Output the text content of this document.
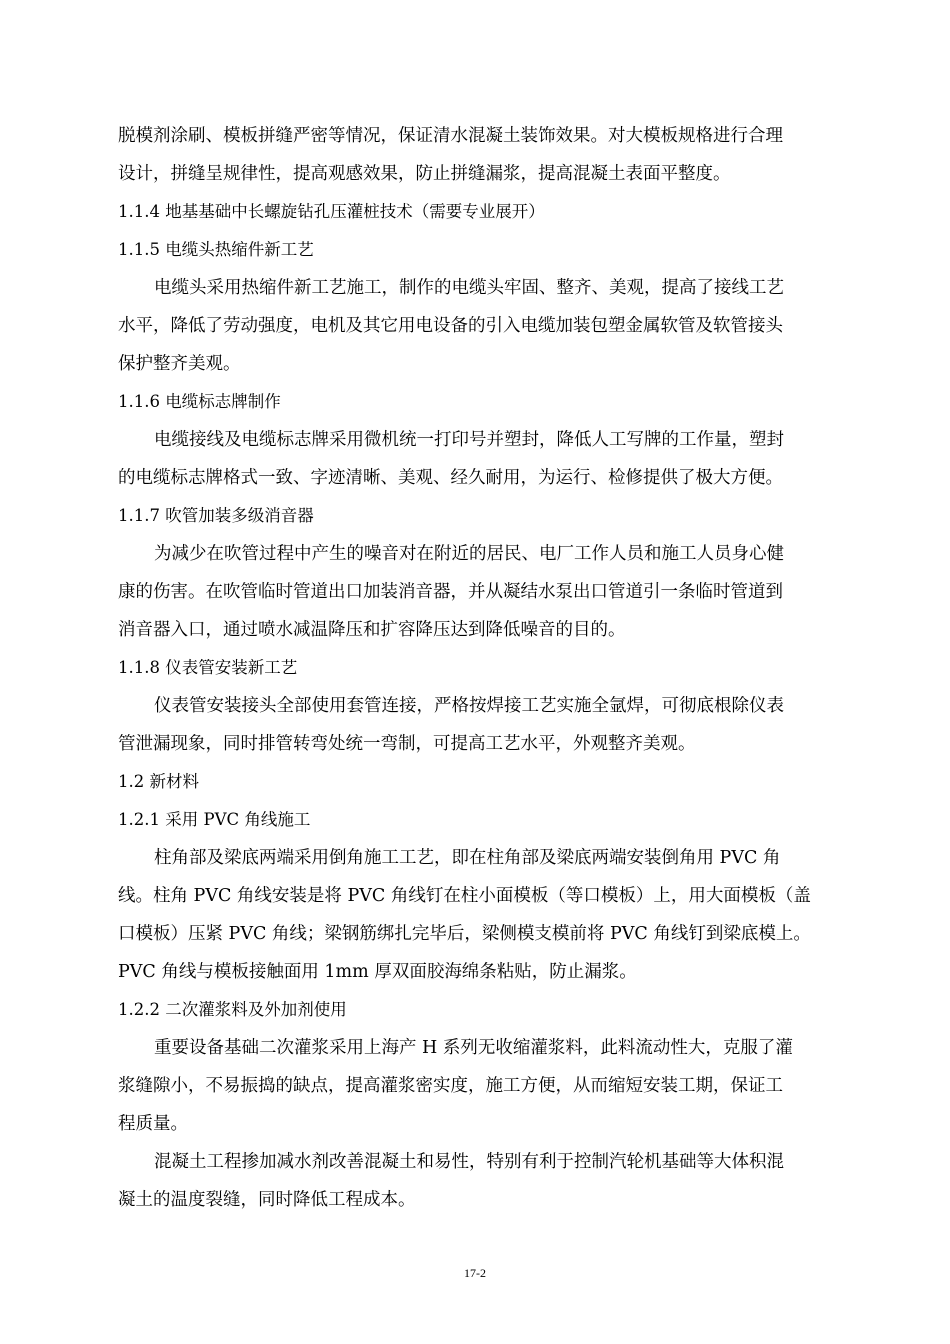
脱模剂涂刷、模板拼缝严密等情况，保证清水混凝土装饰效果。对大模板规格进行合理
设计，拼缝呈规律性，提高观感效果，防止拼缝漏浆，提高混凝土表面平整度。
1.1.4 地基基础中长螺旋钻孔压灌桩技术（需要专业展开）
1.1.5 电缆头热缩件新工艺
电缆头采用热缩件新工艺施工，制作的电缆头牢固、整齐、美观，提高了接线工艺
水平，降低了劳动强度，电机及其它用电设备的引入电缆加装包塑金属软管及软管接头
保护整齐美观。
1.1.6 电缆标志牌制作
电缆接线及电缆标志牌采用微机统一打印号并塑封，降低人工写牌的工作量，塑封
的电缆标志牌格式一致、字迹清晰、美观、经久耐用，为运行、检修提供了极大方便。
1.1.7 吹管加装多级消音器
为减少在吹管过程中产生的噪音对在附近的居民、电厂工作人员和施工人员身心健
康的伤害。在吹管临时管道出口加装消音器，并从凝结水泵出口管道引一条临时管道到
消音器入口，通过喷水减温降压和扩容降压达到降低噪音的目的。
1.1.8 仪表管安装新工艺
仪表管安装接头全部使用套管连接，严格按焊接工艺实施全氩焊，可彻底根除仪表
管泄漏现象，同时排管转弯处统一弯制，可提高工艺水平，外观整齐美观。
1.2 新材料
1.2.1 采用 PVC 角线施工
柱角部及梁底两端采用倒角施工工艺，即在柱角部及梁底两端安装倒角用 PVC 角
线。柱角 PVC 角线安装是将 PVC 角线钉在柱小面模板（等口模板）上，用大面模板（盖
口模板）压紧 PVC 角线；梁钢筋绑扎完毕后，梁侧模支模前将 PVC 角线钉到梁底模上。
PVC 角线与模板接触面用 1mm 厚双面胶海绵条粘贴，防止漏浆。
1.2.2 二次灌浆料及外加剂使用
重要设备基础二次灌浆采用上海产 H 系列无收缩灌浆料，此料流动性大，克服了灌
浆缝隙小，不易振捣的缺点，提高灌浆密实度，施工方便，从而缩短安装工期，保证工
程质量。
混凝土工程掺加减水剂改善混凝土和易性，特别有利于控制汽轮机基础等大体积混
凝土的温度裂缝，同时降低工程成本。
17-2
